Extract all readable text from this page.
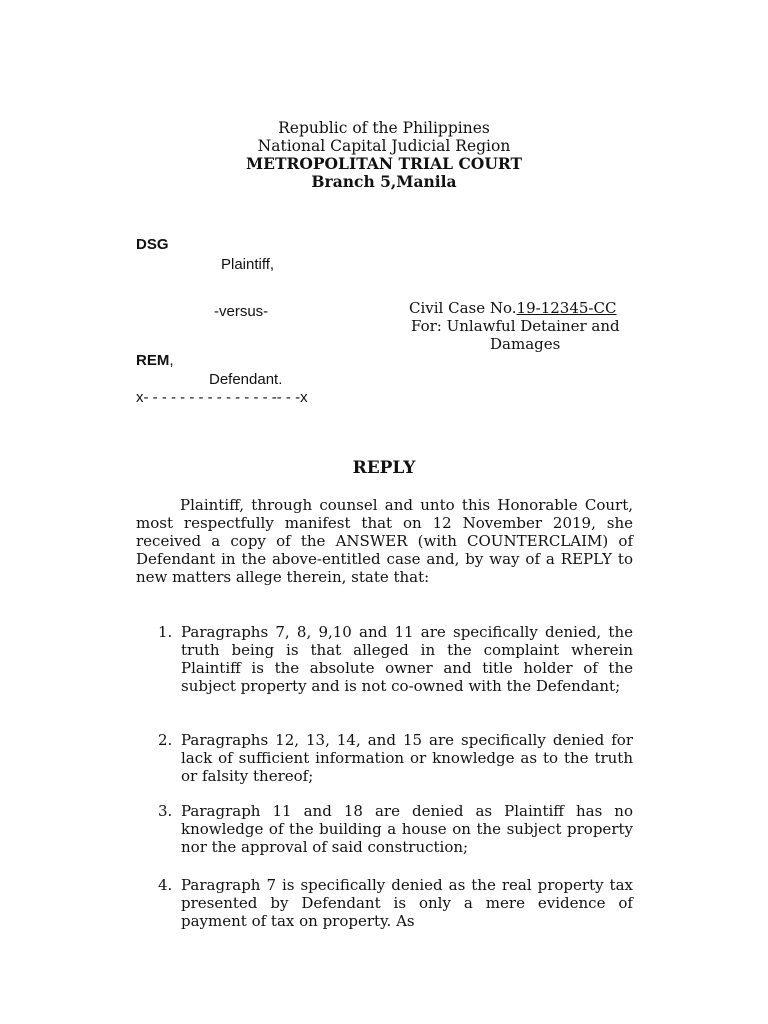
Republic of the Philippines
National Capital Judicial Region
METROPOLITAN TRIAL COURT
Branch 5,Manila
DSG
Plaintiff,
-versus-
REM,
Defendant.
x- - - - - - - - - - - - - - -- - -x
Civil Case No.19-12345-CC
For: Unlawful Detainer and
Damages
REPLY
Plaintiff, through counsel and unto this Honorable Court, most respectfully manifest that on 12 November 2019, she received a copy of the ANSWER (with COUNTERCLAIM) of Defendant in the above-entitled case and, by way of a REPLY to new matters allege therein, state that:
1. Paragraphs 7, 8, 9,10 and 11 are specifically denied, the truth being is that alleged in the complaint wherein Plaintiff is the absolute owner and title holder of the subject property and is not co-owned with the Defendant;
2. Paragraphs 12, 13, 14, and 15 are specifically denied for lack of sufficient information or knowledge as to the truth or falsity thereof;
3. Paragraph 11 and 18 are denied as Plaintiff has no knowledge of the building a house on the subject property nor the approval of said construction;
4. Paragraph 7 is specifically denied as the real property tax presented by Defendant is only a mere evidence of payment of tax on property. As
